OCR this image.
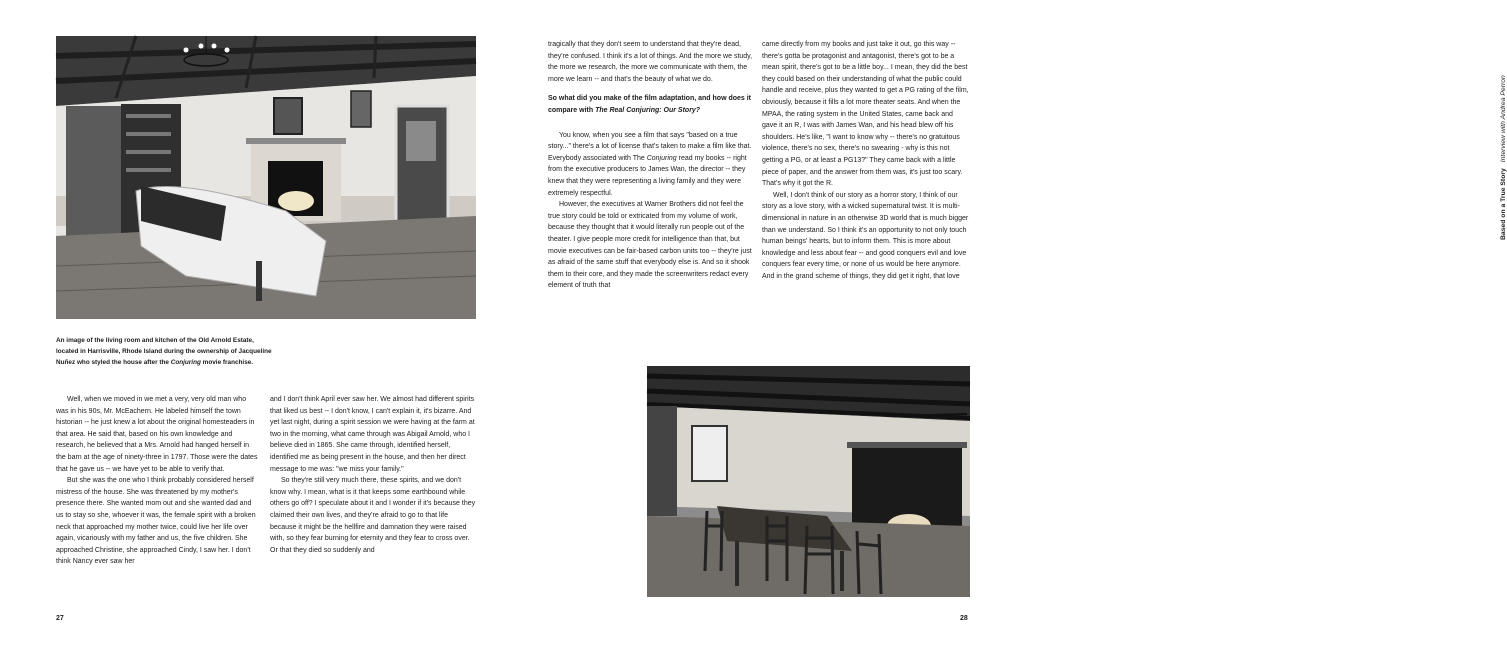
An image of the living room and kitchen of the Old Arnold Estate, located in Harrisville, Rhode Island during the ownership of Jacqueline Nuñez who styled the house after the Conjuring movie franchise.

Well, when we moved in we met a very, very old man who was in his 90s, Mr. McEachern. He labeled himself the town historian -- he just knew a lot about the original homesteaders in that area. He said that, based on his own knowledge and research, he believed that a Mrs. Arnold had hanged herself in the barn at the age of ninety-three in 1797. Those were the dates that he gave us -- we have yet to be able to verify that.

But she was the one who I think probably considered herself mistress of the house. She was threatened by my mother's presence there. She wanted mom out and she wanted dad and us to stay so she, whoever it was, the female spirit with a broken neck that approached my mother twice, could live her life over again, vicariously with my father and us, the five children. She approached Christine, she approached Cindy, I saw her. I don't think Nancy ever saw her

and I don't think April ever saw her. We almost had different spirits that liked us best -- I don't know, I can't explain it, it's bizarre. And yet last night, during a spirit session we were having at the farm at two in the morning, what came through was Abigail Arnold, who I believe died in 1865. She came through, identified herself, identified me as being present in the house, and then her direct message to me was: "we miss your family."

So they're still very much there, these spirits, and we don't know why. I mean, what is it that keeps some earthbound while others go off? I speculate about it and I wonder if it's because they claimed their own lives, and they're afraid to go to that life because it might be the hellfire and damnation they were raised with, so they fear burning for eternity and they fear to cross over. Or that they died so suddenly and

27

tragically that they don't seem to understand that they're dead, they're confused. I think it's a lot of things. And the more we study, the more we research, the more we communicate with them, the more we learn -- and that's the beauty of what we do.

So what did you make of the film adaptation, and how does it compare with The Real Conjuring: Our Story?

You know, when you see a film that says "based on a true story..." there's a lot of license that's taken to make a film like that. Everybody associated with The Conjuring read my books -- right from the executive producers to James Wan, the director -- they knew that they were representing a living family and they were extremely respectful.

However, the executives at Warner Brothers did not feel the true story could be told or extricated from my volume of work, because they thought that it would literally run people out of the theater. I give people more credit for intelligence than that, but movie executives can be fair-based carbon units too -- they're just as afraid of the same stuff that everybody else is. And so it shook them to their core, and they made the screenwriters redact every element of truth that

came directly from my books and just take it out, go this way -- there's gotta be protagonist and antagonist, there's got to be a mean spirit, there's got to be a little boy... I mean, they did the best they could based on their understanding of what the public could handle and receive, plus they wanted to get a PG rating of the film, obviously, because it fills a lot more theater seats. And when the MPAA, the rating system in the United States, came back and gave it an R, I was with James Wan, and his head blew off his shoulders. He's like, "I want to know why -- there's no gratuitous violence, there's no sex, there's no swearing - why is this not getting a PG, or at least a PG13?" They came back with a little piece of paper, and the answer from them was, it's just too scary. That's why it got the R.

Well, I don't think of our story as a horror story, I think of our story as a love story, with a wicked supernatural twist. It is multi-dimensional in nature in an otherwise 3D world that is much bigger than we understand. So I think it's an opportunity to not only touch human beings' hearts, but to inform them. This is more about knowledge and less about fear -- and good conquers evil and love conquers fear every time, or none of us would be here anymore. And in the grand scheme of things, they did get it right, that love

Based on a True StoryInterview with Andrea Perron
28
